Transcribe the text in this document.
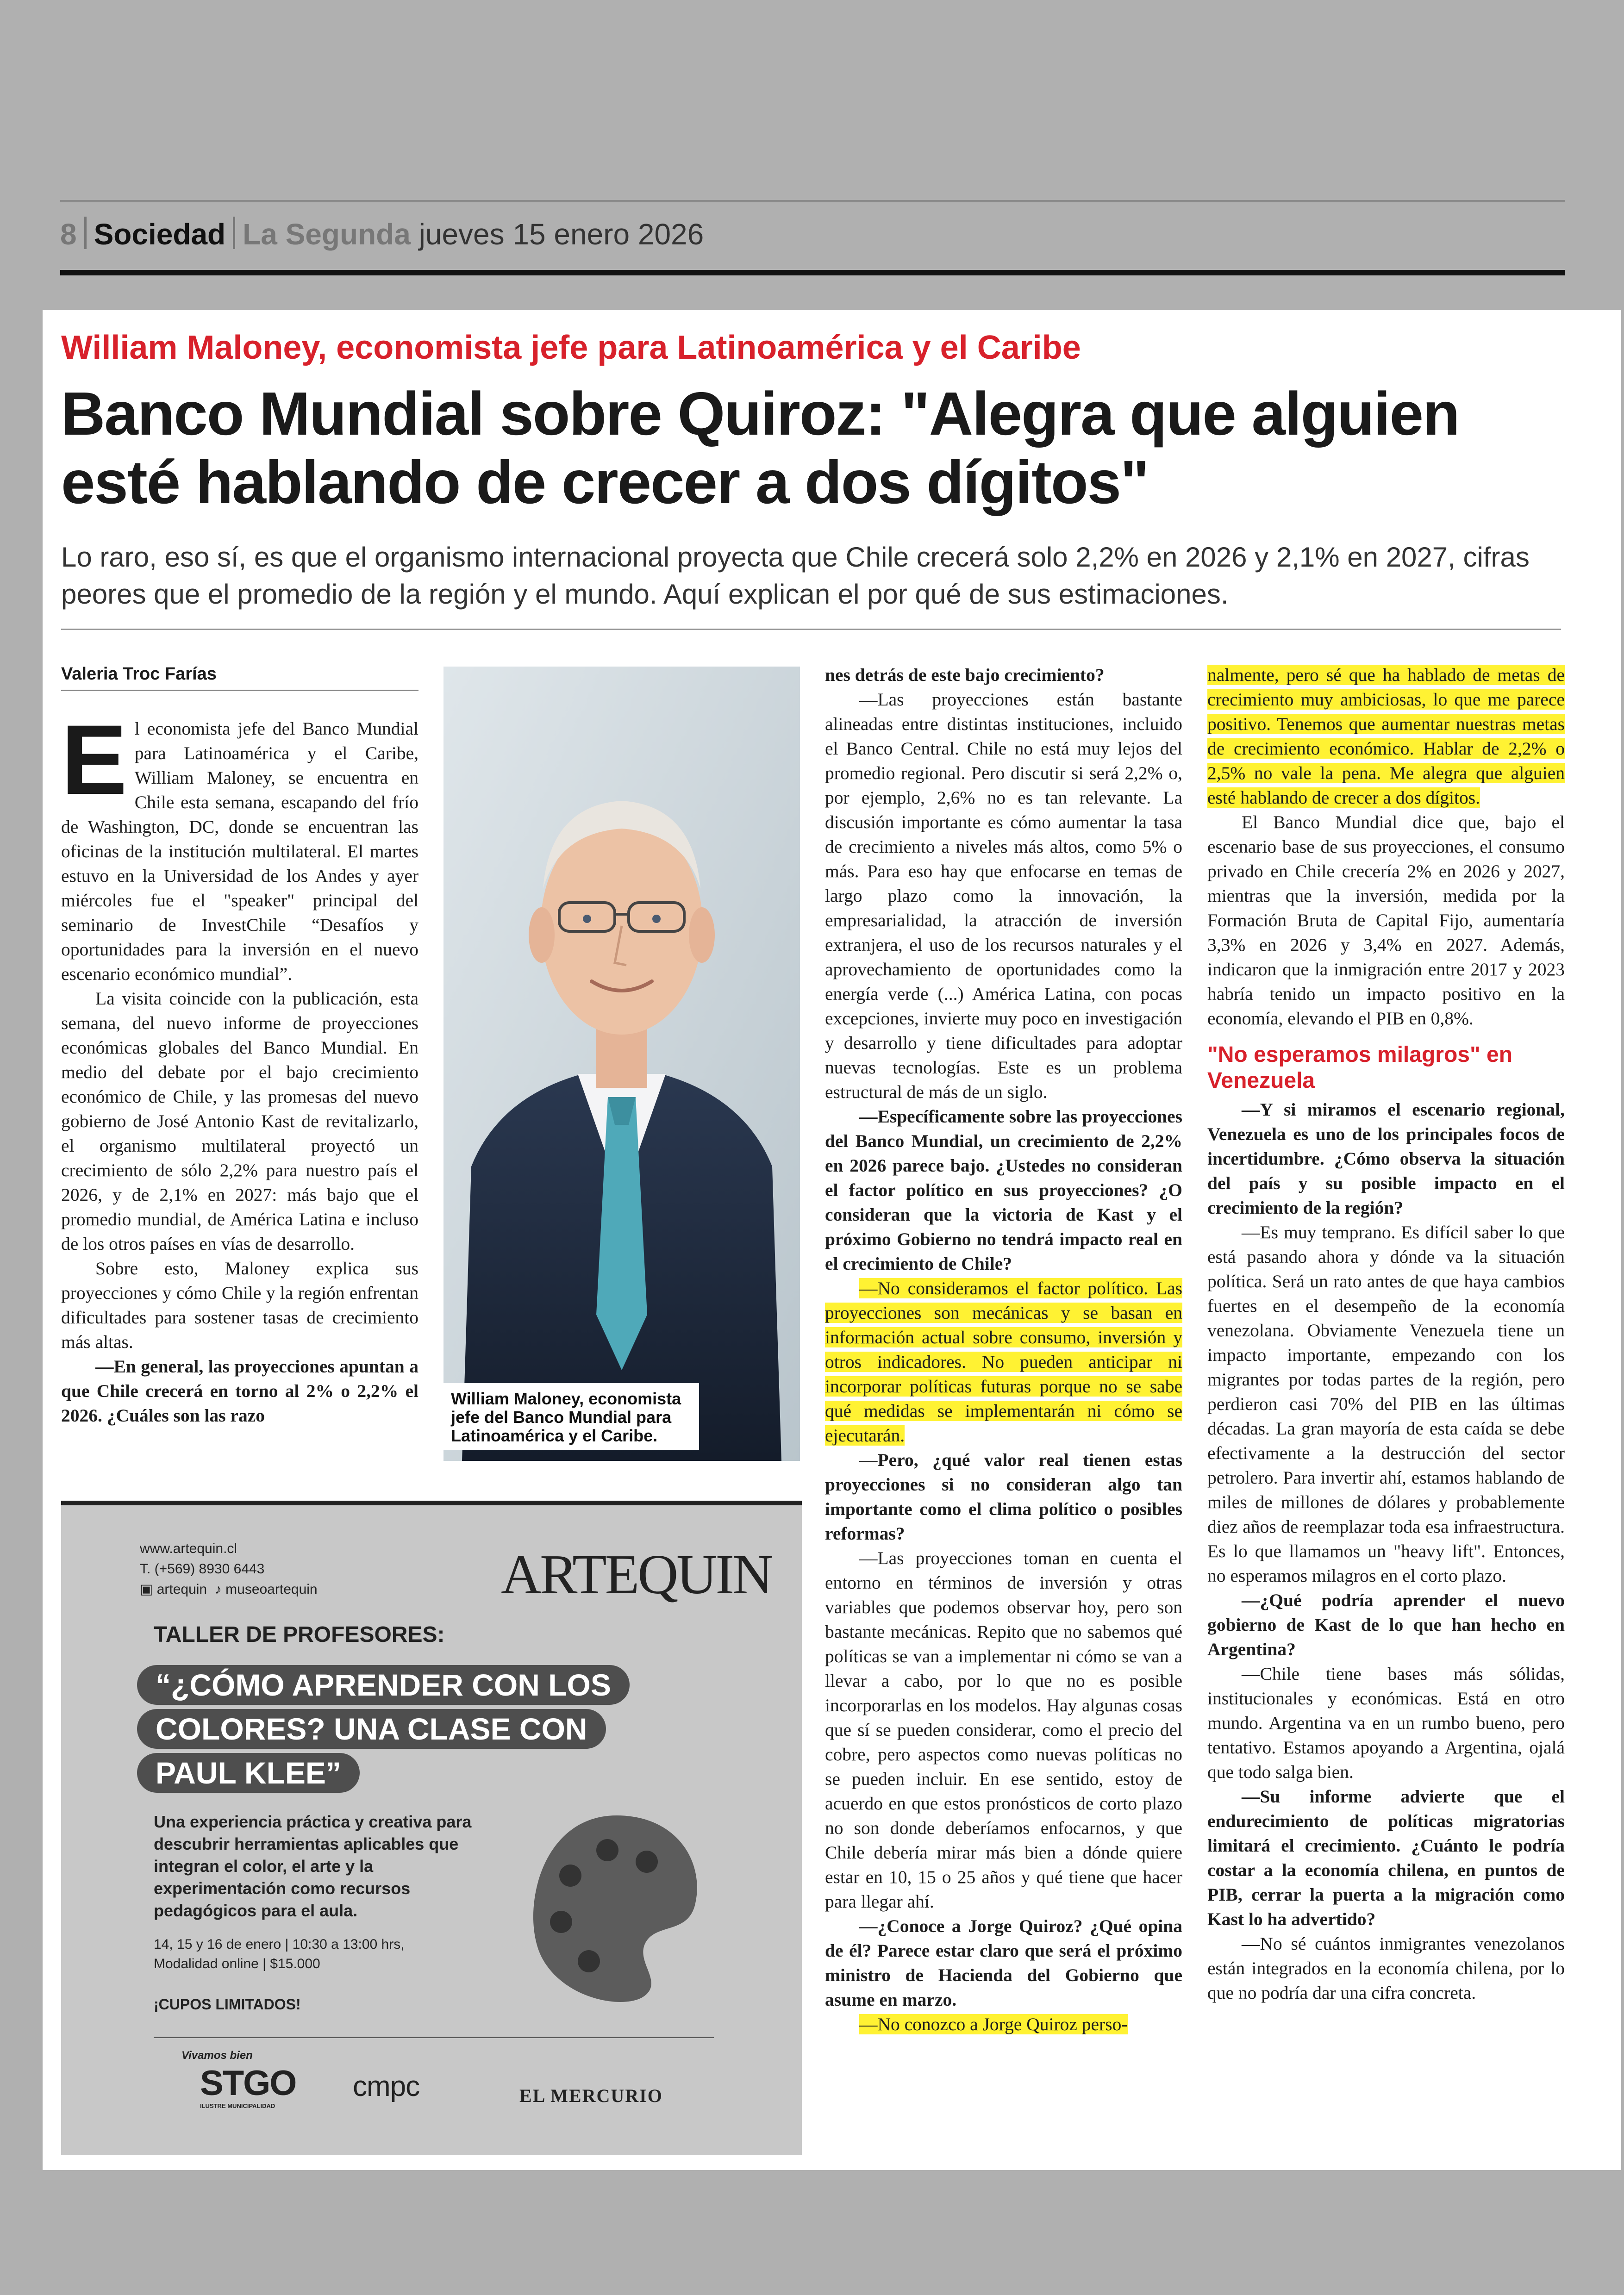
8 Sociedad La Segunda jueves 15 enero 2026
William Maloney, economista jefe para Latinoamérica y el Caribe
Banco Mundial sobre Quiroz: "Alegra que alguien esté hablando de crecer a dos dígitos"

Lo raro, eso sí, es que el organismo internacional proyecta que Chile crecerá solo 2,2% en 2026 y 2,1% en 2027, cifras peores que el promedio de la región y el mundo. Aquí explican el por qué de sus estimaciones.

Valeria Troc Farías
E l economista jefe del Banco Mundial para Latinoamérica y el Caribe, William Maloney, se encuentra en Chile esta semana, escapando del frío de Washington, DC, donde se encuentran las oficinas de la institución multilateral. El martes estuvo en la Universidad de los Andes y ayer miércoles fue el "speaker" principal del seminario de InvestChile “Desafíos y oportunidades para la inversión en el nuevo escenario económico mundial”.

La visita coincide con la publicación, esta semana, del nuevo informe de proyecciones económicas globales del Banco Mundial. En medio del debate por el bajo crecimiento económico de Chile, y las promesas del nuevo gobierno de José Antonio Kast de revitalizarlo, el organismo multilateral proyectó un crecimiento de sólo 2,2% para nuestro país el 2026, y de 2,1% en 2027: más bajo que el promedio mundial, de América Latina e incluso de los otros países en vías de desarrollo.

Sobre esto, Maloney explica sus proyecciones y cómo Chile y la región enfrentan dificultades para sostener tasas de crecimiento más altas.

—En general, las proyecciones apuntan a que Chile crecerá en torno al 2% o 2,2% el 2026. ¿Cuáles son las razo

William Maloney, economista jefe del Banco Mundial para Latinoamérica y el Caribe.

nes detrás de este bajo crecimiento?

—Las proyecciones están bastante alineadas entre distintas instituciones, incluido el Banco Central. Chile no está muy lejos del promedio regional. Pero discutir si será 2,2% o, por ejemplo, 2,6% no es tan relevante. La discusión importante es cómo aumentar la tasa de crecimiento a niveles más altos, como 5% o más. Para eso hay que enfocarse en temas de largo plazo como la innovación, la empresarialidad, la atracción de inversión extranjera, el uso de los recursos naturales y el aprovechamiento de oportunidades como la energía verde (...) América Latina, con pocas excepciones, invierte muy poco en investigación y desarrollo y tiene dificultades para adoptar nuevas tecnologías. Este es un problema estructural de más de un siglo.

—Específicamente sobre las proyecciones del Banco Mundial, un crecimiento de 2,2% en 2026 parece bajo. ¿Ustedes no consideran el factor político en sus proyecciones? ¿O consideran que la victoria de Kast y el próximo Gobierno no tendrá impacto real en el crecimiento de Chile?

—No consideramos el factor político. Las proyecciones son mecánicas y se basan en información actual sobre consumo, inversión y otros indicadores. No pueden anticipar ni incorporar políticas futuras porque no se sabe qué medidas se implementarán ni cómo se ejecutarán.

—Pero, ¿qué valor real tienen estas proyecciones si no consideran algo tan importante como el clima político o posibles reformas?

—Las proyecciones toman en cuenta el entorno en términos de inversión y otras variables que podemos observar hoy, pero son bastante mecánicas. Repito que no sabemos qué políticas se van a implementar ni cómo se van a llevar a cabo, por lo que no es posible incorporarlas en los modelos. Hay algunas cosas que sí se pueden considerar, como el precio del cobre, pero aspectos como nuevas políticas no se pueden incluir. En ese sentido, estoy de acuerdo en que estos pronósticos de corto plazo no son donde deberíamos enfocarnos, y que Chile debería mirar más bien a dónde quiere estar en 10, 15 o 25 años y qué tiene que hacer para llegar ahí.

—¿Conoce a Jorge Quiroz? ¿Qué opina de él? Parece estar claro que será el próximo ministro de Hacienda del Gobierno que asume en marzo.

—No conozco a Jorge Quiroz perso-

nalmente, pero sé que ha hablado de metas de crecimiento muy ambiciosas, lo que me parece positivo. Tenemos que aumentar nuestras metas de crecimiento económico. Hablar de 2,2% o 2,5% no vale la pena. Me alegra que alguien esté hablando de crecer a dos dígitos.

El Banco Mundial dice que, bajo el escenario base de sus proyecciones, el consumo privado en Chile crecería 2% en 2026 y 2027, mientras que la inversión, medida por la Formación Bruta de Capital Fijo, aumentaría 3,3% en 2026 y 3,4% en 2027. Además, indicaron que la inmigración entre 2017 y 2023 habría tenido un impacto positivo en la economía, elevando el PIB en 0,8%.

"No esperamos milagros" en Venezuela

—Y si miramos el escenario regional, Venezuela es uno de los principales focos de incertidumbre. ¿Cómo observa la situación del país y su posible impacto en el crecimiento de la región?

—Es muy temprano. Es difícil saber lo que está pasando ahora y dónde va la situación política. Será un rato antes de que haya cambios fuertes en el desempeño de la economía venezolana. Obviamente Venezuela tiene un impacto importante, empezando con los migrantes por todas partes de la región, pero perdieron casi 70% del PIB en las últimas décadas. La gran mayoría de esta caída se debe efectivamente a la destrucción del sector petrolero. Para invertir ahí, estamos hablando de miles de millones de dólares y probablemente diez años de reemplazar toda esa infraestructura. Es lo que llamamos un "heavy lift". Entonces, no esperamos milagros en el corto plazo.

—¿Qué podría aprender el nuevo gobierno de Kast de lo que han hecho en Argentina?

—Chile tiene bases más sólidas, institucionales y económicas. Está en otro mundo. Argentina va en un rumbo bueno, pero tentativo. Estamos apoyando a Argentina, ojalá que todo salga bien.

—Su informe advierte que el endurecimiento de políticas migratorias limitará el crecimiento. ¿Cuánto le podría costar a la economía chilena, en puntos de PIB, cerrar la puerta a la migración como Kast lo ha advertido?

—No sé cuántos inmigrantes venezolanos están integrados en la economía chilena, por lo que no podría dar una cifra concreta.

www.artequin.cl
T. (+569) 8930 6443
▣ artequin ♪ museoartequin	ARTEQUIN
TALLER DE PROFESORES:
“¿CÓMO APRENDER CON LOS
COLORES? UNA CLASE CON
PAUL KLEE”
Una experiencia práctica y creativa para descubrir herramientas aplicables que integran el color, el arte y la experimentación como recursos pedagógicos para el aula.
14, 15 y 16 de enero | 10:30 a 13:00 hrs,
Modalidad online | $15.000
¡CUPOS LIMITADOS!
Vivamos bien
STGO
ILUSTRE MUNICIPALIDAD
cmpc	EL MERCURIO
